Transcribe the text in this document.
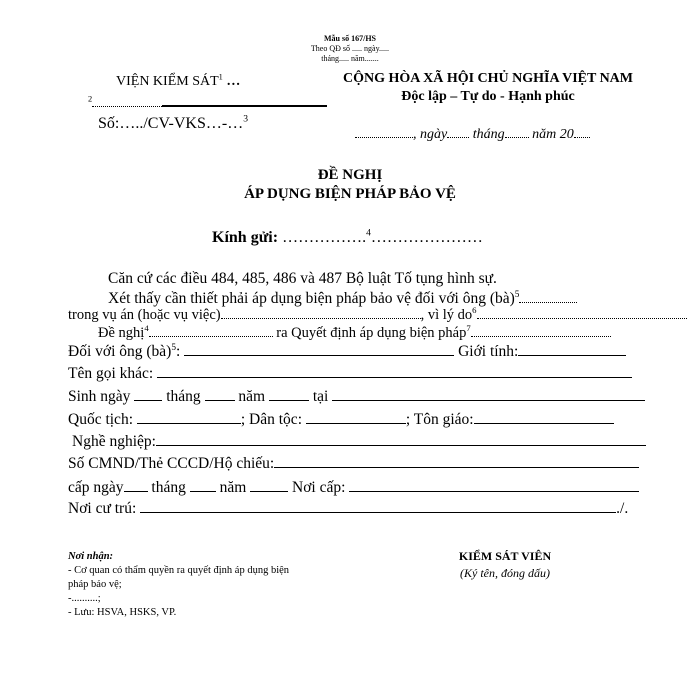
Mẫu số 167/HS
Theo QĐ số ..... ngày.....
tháng..... năm.......
VIỆN KIỂM SÁT$^1$ …
$^2$
Số:…../CV-VKS…-…$^3$
CỘNG HÒA XÃ HỘI CHỦ NGHĨA VIỆT NAM
Độc lập – Tự do - Hạnh phúc
, ngày tháng năm 20
ĐỀ NGHỊ
ÁP DỤNG BIỆN PHÁP BẢO VỆ
Kính gửi: …………….$^4$…………………
Căn cứ các điều 484, 485, 486 và 487 Bộ luật Tố tụng hình sự.
Xét thấy cần thiết phải áp dụng biện pháp bảo vệ đối với ông (bà)$^5$
trong vụ án (hoặc vụ việc)	, vì lý $do^6$
Đề nghị$^4$	ra Quyết định áp dụng biện pháp$^7$
Đối với ông (bà)$^5$:	Giới tính:
Tên gọi khác:
Sinh ngày  tháng  năm	tại
Quốc tịch:	; Dân tộc:	; Tôn giáo:
Nghề nghiệp:
Số CMND/Thẻ CCCD/Hộ chiếu:
cấp ngày tháng  năm	Nơi cấp:
Nơi cư trú:	./.
Nơi nhận:
- Cơ quan có thẩm quyền ra quyết định áp dụng biện
pháp bảo vệ;
-..........;
- Lưu: HSVA, HSKS, VP.
KIỂM SÁT VIÊN
(Ký tên, đóng dấu)
